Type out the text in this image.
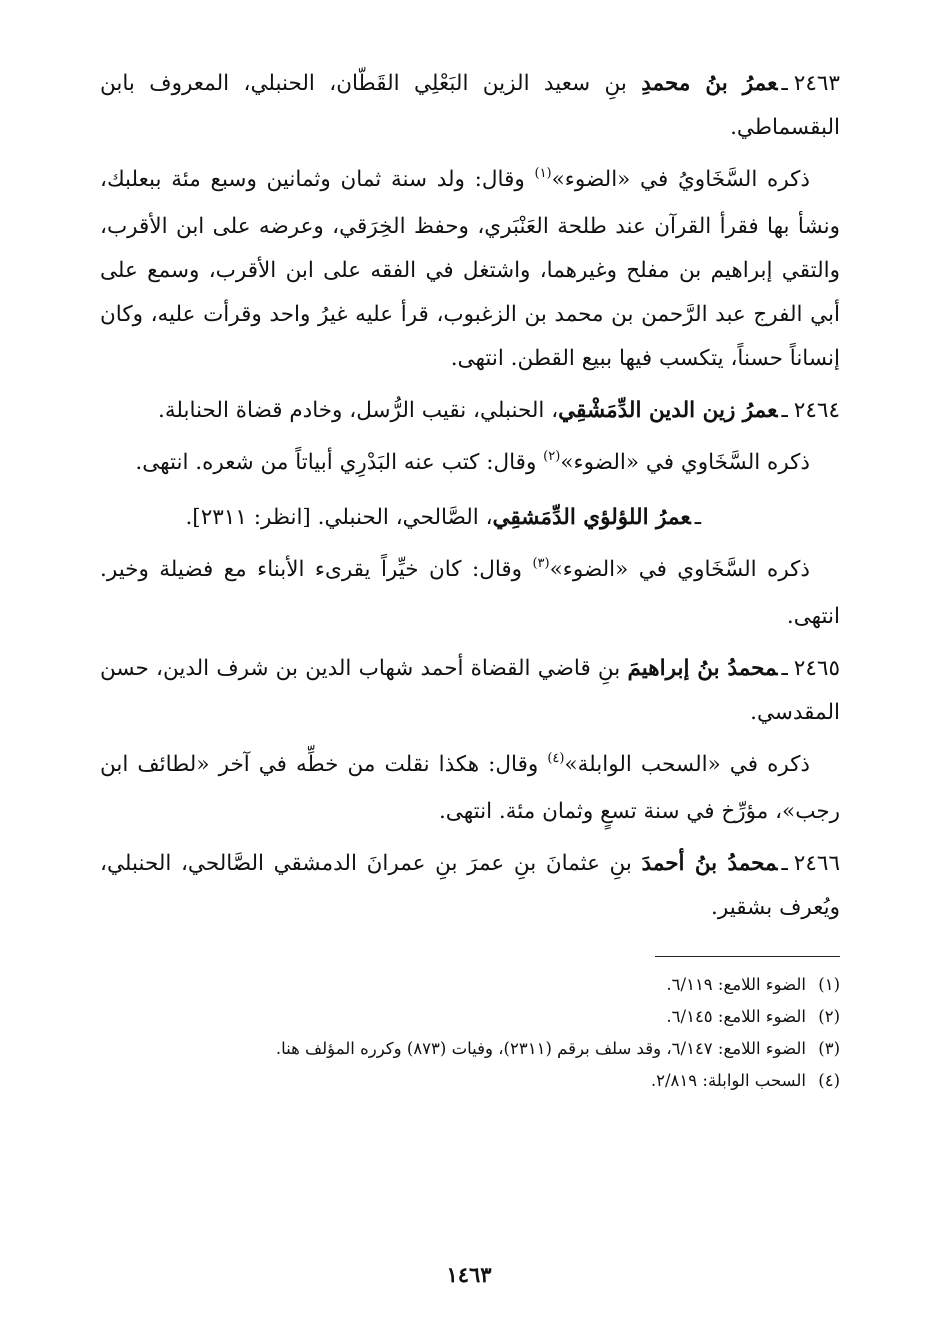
٢٤٦٣ـعمرُ بنُ محمدِ بنِ سعيد الزين البَعْلِي القَطّان، الحنبلي، المعروف بابن البقسماطي.

ذكره السَّخَاويُ في «الضوء»$^{(١)}$ وقال: ولد سنة ثمان وثمانين وسبع مئة ببعلبك، ونشأ بها فقرأ القرآن عند طلحة العَنْبَري، وحفظ الخِرَقي، وعرضه على ابن الأقرب، والتقي إبراهيم بن مفلح وغيرهما، واشتغل في الفقه على ابن الأقرب، وسمع على أبي الفرج عبد الرَّحمن بن محمد بن الزغبوب، قرأ عليه غيرُ واحد وقرأت عليه، وكان إنساناً حسناً، يتكسب فيها ببيع القطن. انتهى.

٢٤٦٤ـعمرُ زين الدين الدِّمَشْقِي، الحنبلي، نقيب الرُّسل، وخادم قضاة الحنابلة.

ذكره السَّخَاوي في «الضوء»$^{(٢)}$ وقال: كتب عنه البَدْرِي أبياتاً من شعره. انتهى.

ـعمرُ اللؤلؤي الدِّمَشقِي، الصَّالحي، الحنبلي. [انظر: ٢٣١١].

ذكره السَّخَاوي في «الضوء»$^{(٣)}$ وقال: كان خيِّراً يقرىء الأبناء مع فضيلة وخير. انتهى.

٢٤٦٥ـمحمدُ بنُ إبراهيمَ بنِ قاضي القضاة أحمد شهاب الدين بن شرف الدين، حسن المقدسي.

ذكره في «السحب الوابلة»$^{(٤)}$ وقال: هكذا نقلت من خطِّه في آخر «لطائف ابن رجب»، مؤرِّخ في سنة تسعٍ وثمان مئة. انتهى.

٢٤٦٦ـمحمدُ بنُ أحمدَ بنِ عثمانَ بنِ عمرَ بنِ عمرانَ الدمشقي الصَّالحي، الحنبلي، ويُعرف بشقير.

(١)الضوء اللامع: ٦/١١٩.

(٢)الضوء اللامع: ٦/١٤٥.

(٣)الضوء اللامع: ٦/١٤٧، وقد سلف برقم (٢٣١١)، وفيات (٨٧٣) وكرره المؤلف هنا.

(٤)السحب الوابلة: ٢/٨١٩.

١٤٦٣
